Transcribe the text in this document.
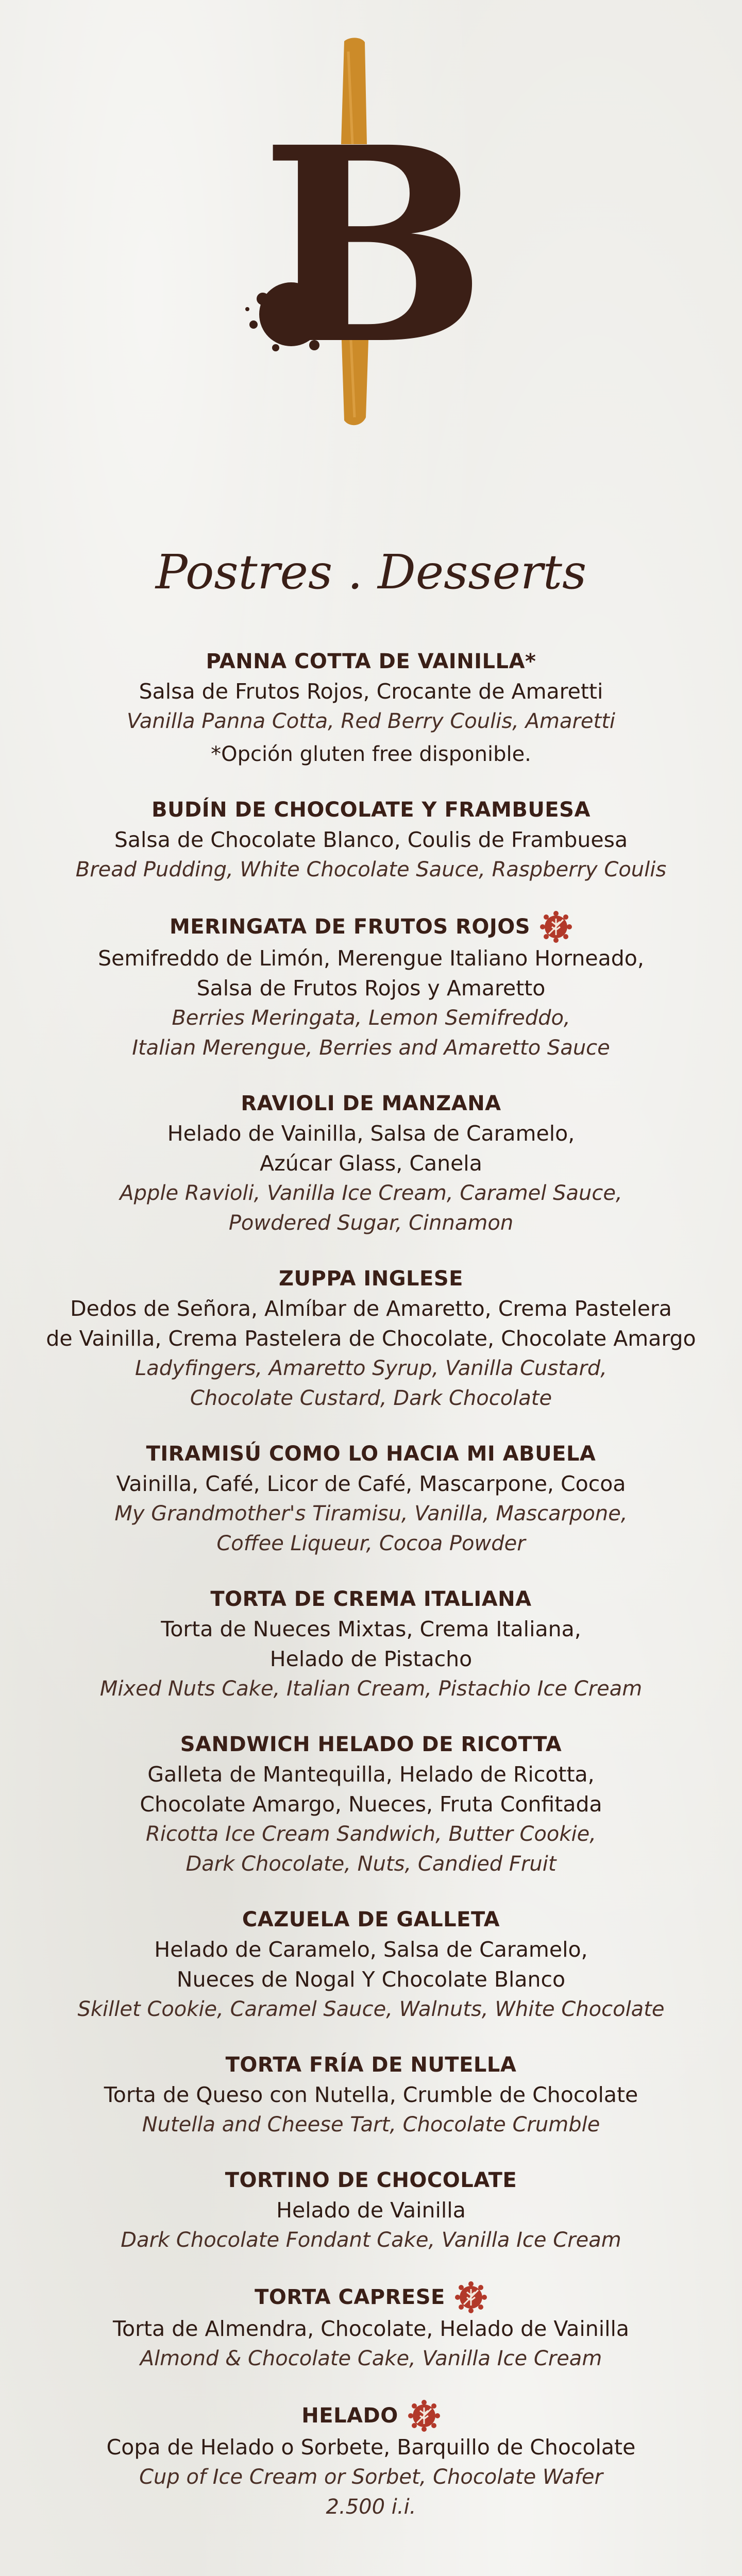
B
Postres . Desserts
PANNA COTTA DE VAINILLA*
Salsa de Frutos Rojos, Crocante de Amaretti
Vanilla Panna Cotta, Red Berry Coulis, Amaretti
*Opción gluten free disponible.
BUDÍN DE CHOCOLATE Y FRAMBUESA
Salsa de Chocolate Blanco, Coulis de Frambuesa
Bread Pudding, White Chocolate Sauce, Raspberry Coulis
MERINGATA DE FRUTOS ROJOS
Semifreddo de Limón, Merengue Italiano Horneado,
Salsa de Frutos Rojos y Amaretto
Berries Meringata, Lemon Semifreddo,
Italian Merengue, Berries and Amaretto Sauce
RAVIOLI DE MANZANA
Helado de Vainilla, Salsa de Caramelo,
Azúcar Glass, Canela
Apple Ravioli, Vanilla Ice Cream, Caramel Sauce,
Powdered Sugar, Cinnamon
ZUPPA INGLESE
Dedos de Señora, Almíbar de Amaretto, Crema Pastelera
de Vainilla, Crema Pastelera de Chocolate, Chocolate Amargo
Ladyfingers, Amaretto Syrup, Vanilla Custard,
Chocolate Custard, Dark Chocolate
TIRAMISÚ COMO LO HACIA MI ABUELA
Vainilla, Café, Licor de Café, Mascarpone, Cocoa
My Grandmother's Tiramisu, Vanilla, Mascarpone,
Coffee Liqueur, Cocoa Powder
TORTA DE CREMA ITALIANA
Torta de Nueces Mixtas, Crema Italiana,
Helado de Pistacho
Mixed Nuts Cake, Italian Cream, Pistachio Ice Cream
SANDWICH HELADO DE RICOTTA
Galleta de Mantequilla, Helado de Ricotta,
Chocolate Amargo, Nueces, Fruta Confitada
Ricotta Ice Cream Sandwich, Butter Cookie,
Dark Chocolate, Nuts, Candied Fruit
CAZUELA DE GALLETA
Helado de Caramelo, Salsa de Caramelo,
Nueces de Nogal Y Chocolate Blanco
Skillet Cookie, Caramel Sauce, Walnuts, White Chocolate
TORTA FRÍA DE NUTELLA
Torta de Queso con Nutella, Crumble de Chocolate
Nutella and Cheese Tart, Chocolate Crumble
TORTINO DE CHOCOLATE
Helado de Vainilla
Dark Chocolate Fondant Cake, Vanilla Ice Cream
TORTA CAPRESE
Torta de Almendra, Chocolate, Helado de Vainilla
Almond & Chocolate Cake, Vanilla Ice Cream
HELADO
Copa de Helado o Sorbete, Barquillo de Chocolate
Cup of Ice Cream or Sorbet, Chocolate Wafer
2.500 i.i.
